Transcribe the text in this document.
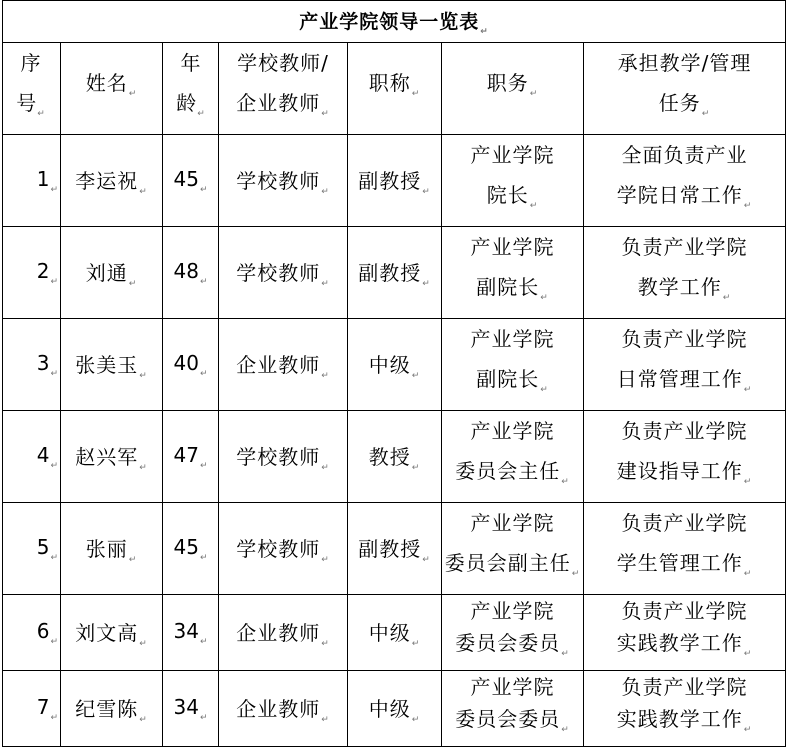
产业学院领导一览表$_↵$

序
号$_↵$	姓名$_↵$	年
龄$_↵$	学校教师/
企业教师$_↵$	职称$_↵$	职务$_↵$	承担教学/管理
任务$_↵$

$1_↵$	李运祝$_↵$	$45_↵$	学校教师$_↵$	副教授$_↵$	产业学院
院长$_↵$	全面负责产业
学院日常工作$_↵$

$2_↵$	刘通$_↵$	$48_↵$	学校教师$_↵$	副教授$_↵$	产业学院
副院长$_↵$	负责产业学院
教学工作$_↵$

$3_↵$	张美玉$_↵$	$40_↵$	企业教师$_↵$	中级$_↵$	产业学院
副院长$_↵$	负责产业学院
日常管理工作$_↵$

$4_↵$	赵兴军$_↵$	$47_↵$	学校教师$_↵$	教授$_↵$	产业学院
委员会主任$_↵$	负责产业学院
建设指导工作$_↵$

$5_↵$	张丽$_↵$	$45_↵$	学校教师$_↵$	副教授$_↵$	产业学院
委员会副主任$_↵$	负责产业学院
学生管理工作$_↵$

$6_↵$	刘文高$_↵$	$34_↵$	企业教师$_↵$	中级$_↵$	产业学院
委员会委员$_↵$	负责产业学院
实践教学工作$_↵$

$7_↵$	纪雪陈$_↵$	$34_↵$	企业教师$_↵$	中级$_↵$	产业学院
委员会委员$_↵$	负责产业学院
实践教学工作$_↵$
